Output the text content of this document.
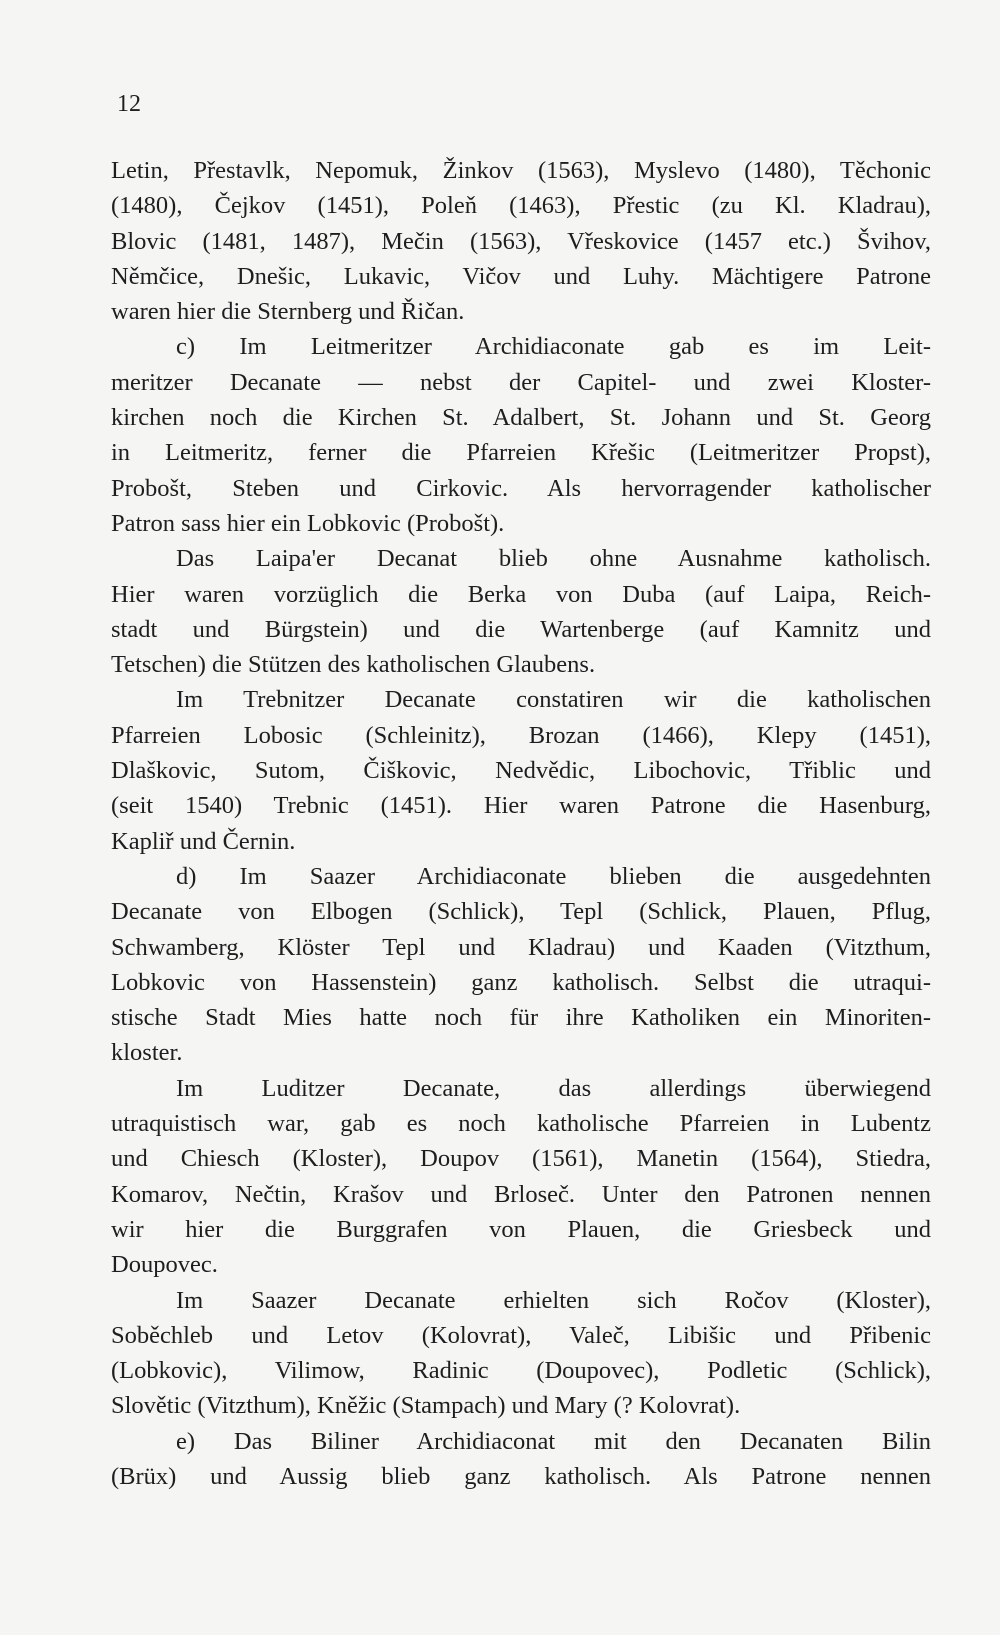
12
Letin, Přestavlk, Nepomuk, Žinkov (1563), Myslevo (1480), Těchonic
(1480), Čejkov (1451), Poleň (1463), Přestic (zu Kl. Kladrau),
Blovic (1481, 1487), Mečin (1563), Vřeskovice (1457 etc.) Švihov,
Němčice, Dnešic, Lukavic, Vičov und Luhy. Mächtigere Patrone
waren hier die Sternberg und Řičan.
c) Im Leitmeritzer Archidiaconate gab es im Leit-
meritzer Decanate — nebst der Capitel- und zwei Kloster-
kirchen noch die Kirchen St. Adalbert, St. Johann und St. Georg
in Leitmeritz, ferner die Pfarreien Křešic (Leitmeritzer Propst),
Probošt, Steben und Cirkovic. Als hervorragender katholischer
Patron sass hier ein Lobkovic (Probošt).
Das Laipa'er Decanat blieb ohne Ausnahme katholisch.
Hier waren vorzüglich die Berka von Duba (auf Laipa, Reich-
stadt und Bürgstein) und die Wartenberge (auf Kamnitz und
Tetschen) die Stützen des katholischen Glaubens.
Im Trebnitzer Decanate constatiren wir die katholischen
Pfarreien Lobosic (Schleinitz), Brozan (1466), Klepy (1451),
Dlaškovic, Sutom, Čiškovic, Nedvědic, Libochovic, Třiblic und
(seit 1540) Trebnic (1451). Hier waren Patrone die Hasenburg,
Kapliř und Černin.
d) Im Saazer Archidiaconate blieben die ausgedehnten
Decanate von Elbogen (Schlick), Tepl (Schlick, Plauen, Pflug,
Schwamberg, Klöster Tepl und Kladrau) und Kaaden (Vitzthum,
Lobkovic von Hassenstein) ganz katholisch. Selbst die utraqui-
stische Stadt Mies hatte noch für ihre Katholiken ein Minoriten-
kloster.
Im Luditzer Decanate, das allerdings überwiegend
utraquistisch war, gab es noch katholische Pfarreien in Lubentz
und Chiesch (Kloster), Doupov (1561), Manetin (1564), Stiedra,
Komarov, Nečtin, Krašov und Brloseč. Unter den Patronen nennen
wir hier die Burggrafen von Plauen, die Griesbeck und
Doupovec.
Im Saazer Decanate erhielten sich Ročov (Kloster),
Soběchleb und Letov (Kolovrat), Valeč, Libišic und Přibenic
(Lobkovic), Vilimow, Radinic (Doupovec), Podletic (Schlick),
Slovětic (Vitzthum), Kněžic (Stampach) und Mary (? Kolovrat).
e) Das Biliner Archidiaconat mit den Decanaten Bilin
(Brüx) und Aussig blieb ganz katholisch. Als Patrone nennen
